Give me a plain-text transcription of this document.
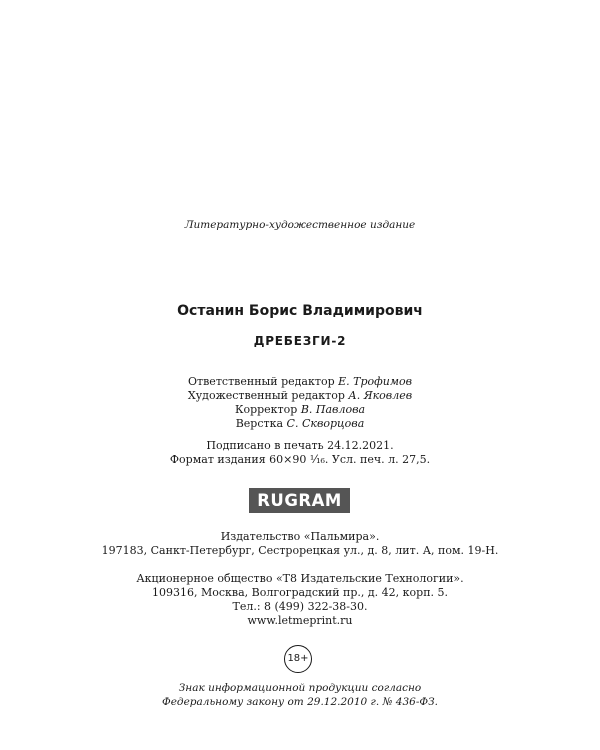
Литературно-художественное издание
Останин Борис Владимирович
ДРЕБЕЗГИ-2
Ответственный редактор Е. Трофимов
Художественный редактор А. Яковлев
Корректор В. Павлова
Верстка С. Скворцова
Подписано в печать 24.12.2021.
Формат издания 60×90 ¹⁄₁₆. Усл. печ. л. 27,5.
RUGRAM
Издательство «Пальмира».
197183, Санкт-Петербург, Сестрорецкая ул., д. 8, лит. А, пом. 19-Н.
Акционерное общество «Т8 Издательские Технологии».
109316, Москва, Волгоградский пр., д. 42, корп. 5.
Тел.: 8 (499) 322-38-30.
www.letmeprint.ru
18+
Знак информационной продукции согласно
Федеральному закону от 29.12.2010 г. № 436-ФЗ.
